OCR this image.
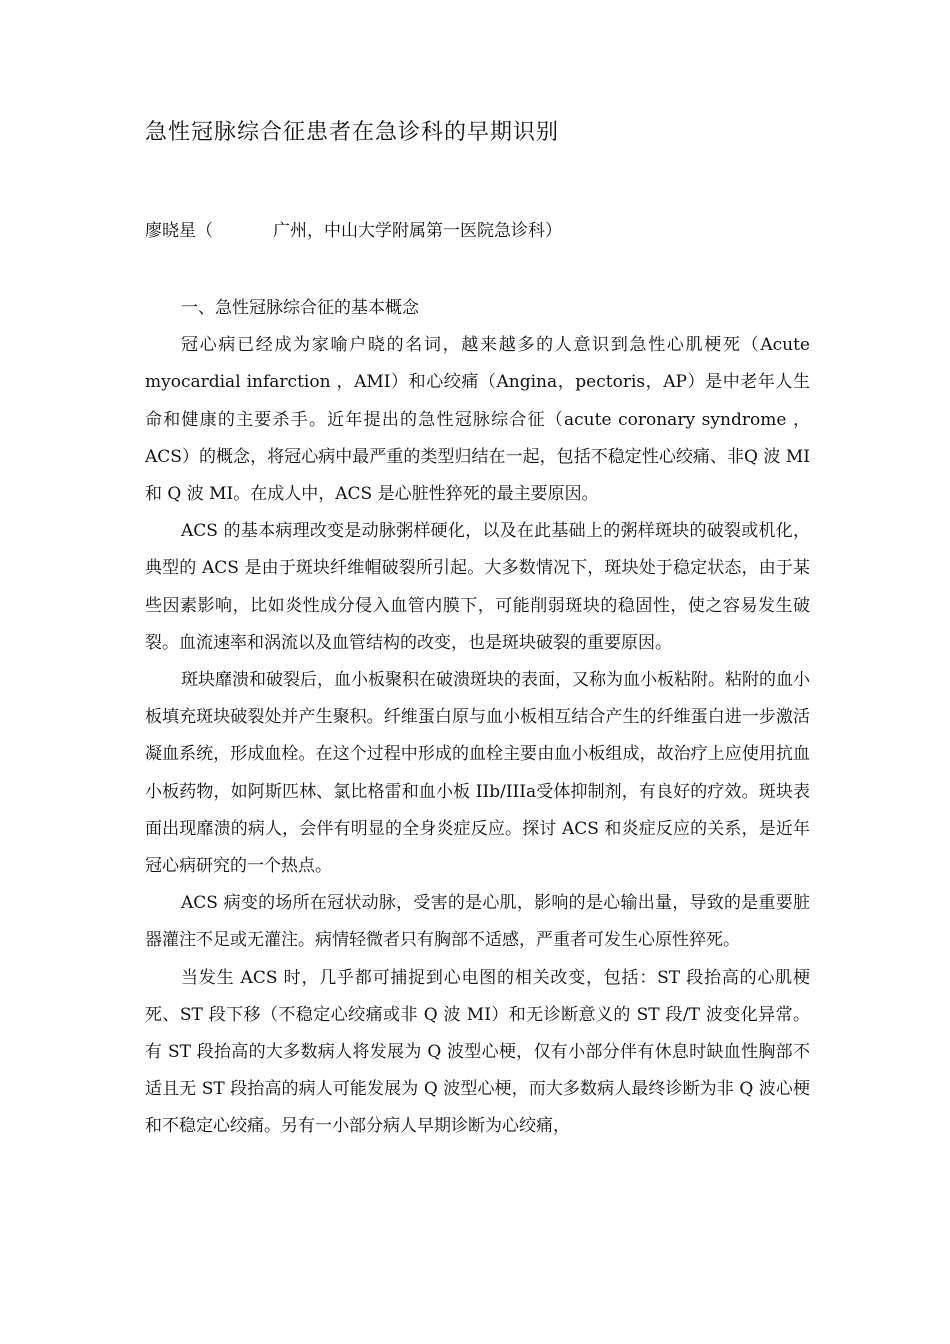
急性冠脉综合征患者在急诊科的早期识别
廖晓星（	广州，中山大学附属第一医院急诊科）

一、急性冠脉综合征的基本概念

冠心病已经成为家喻户晓的名词，越来越多的人意识到急性心肌梗死（Acute myocardial infarction ，AMI）和心绞痛（Angina，pectoris，AP）是中老年人生命和健康的主要杀手。近年提出的急性冠脉综合征（acute coronary syndrome ，ACS）的概念，将冠心病中最严重的类型归结在一起，包括不稳定性心绞痛、非Q 波 MI 和 Q 波 MI。在成人中，ACS 是心脏性猝死的最主要原因。

ACS 的基本病理改变是动脉粥样硬化，以及在此基础上的粥样斑块的破裂或机化，典型的 ACS 是由于斑块纤维帽破裂所引起。大多数情况下，斑块处于稳定状态，由于某些因素影响，比如炎性成分侵入血管内膜下，可能削弱斑块的稳固性，使之容易发生破裂。血流速率和涡流以及血管结构的改变，也是斑块破裂的重要原因。

斑块靡溃和破裂后，血小板聚积在破溃斑块的表面，又称为血小板粘附。粘附的血小板填充斑块破裂处并产生聚积。纤维蛋白原与血小板相互结合产生的纤维蛋白进一步激活凝血系统，形成血栓。在这个过程中形成的血栓主要由血小板组成，故治疗上应使用抗血小板药物，如阿斯匹林、氯比格雷和血小板 IIb/IIIa受体抑制剂，有良好的疗效。斑块表面出现靡溃的病人，会伴有明显的全身炎症反应。探讨 ACS 和炎症反应的关系，是近年冠心病研究的一个热点。

ACS 病变的场所在冠状动脉，受害的是心肌，影响的是心输出量，导致的是重要脏器灌注不足或无灌注。病情轻微者只有胸部不适感，严重者可发生心原性猝死。

当发生 ACS 时，几乎都可捕捉到心电图的相关改变，包括：ST 段抬高的心肌梗死、ST 段下移（不稳定心绞痛或非 Q 波 MI）和无诊断意义的 ST 段/T 波变化异常。有 ST 段抬高的大多数病人将发展为 Q 波型心梗，仅有小部分伴有休息时缺血性胸部不适且无 ST 段抬高的病人可能发展为 Q 波型心梗，而大多数病人最终诊断为非 Q 波心梗和不稳定心绞痛。另有一小部分病人早期诊断为心绞痛，
